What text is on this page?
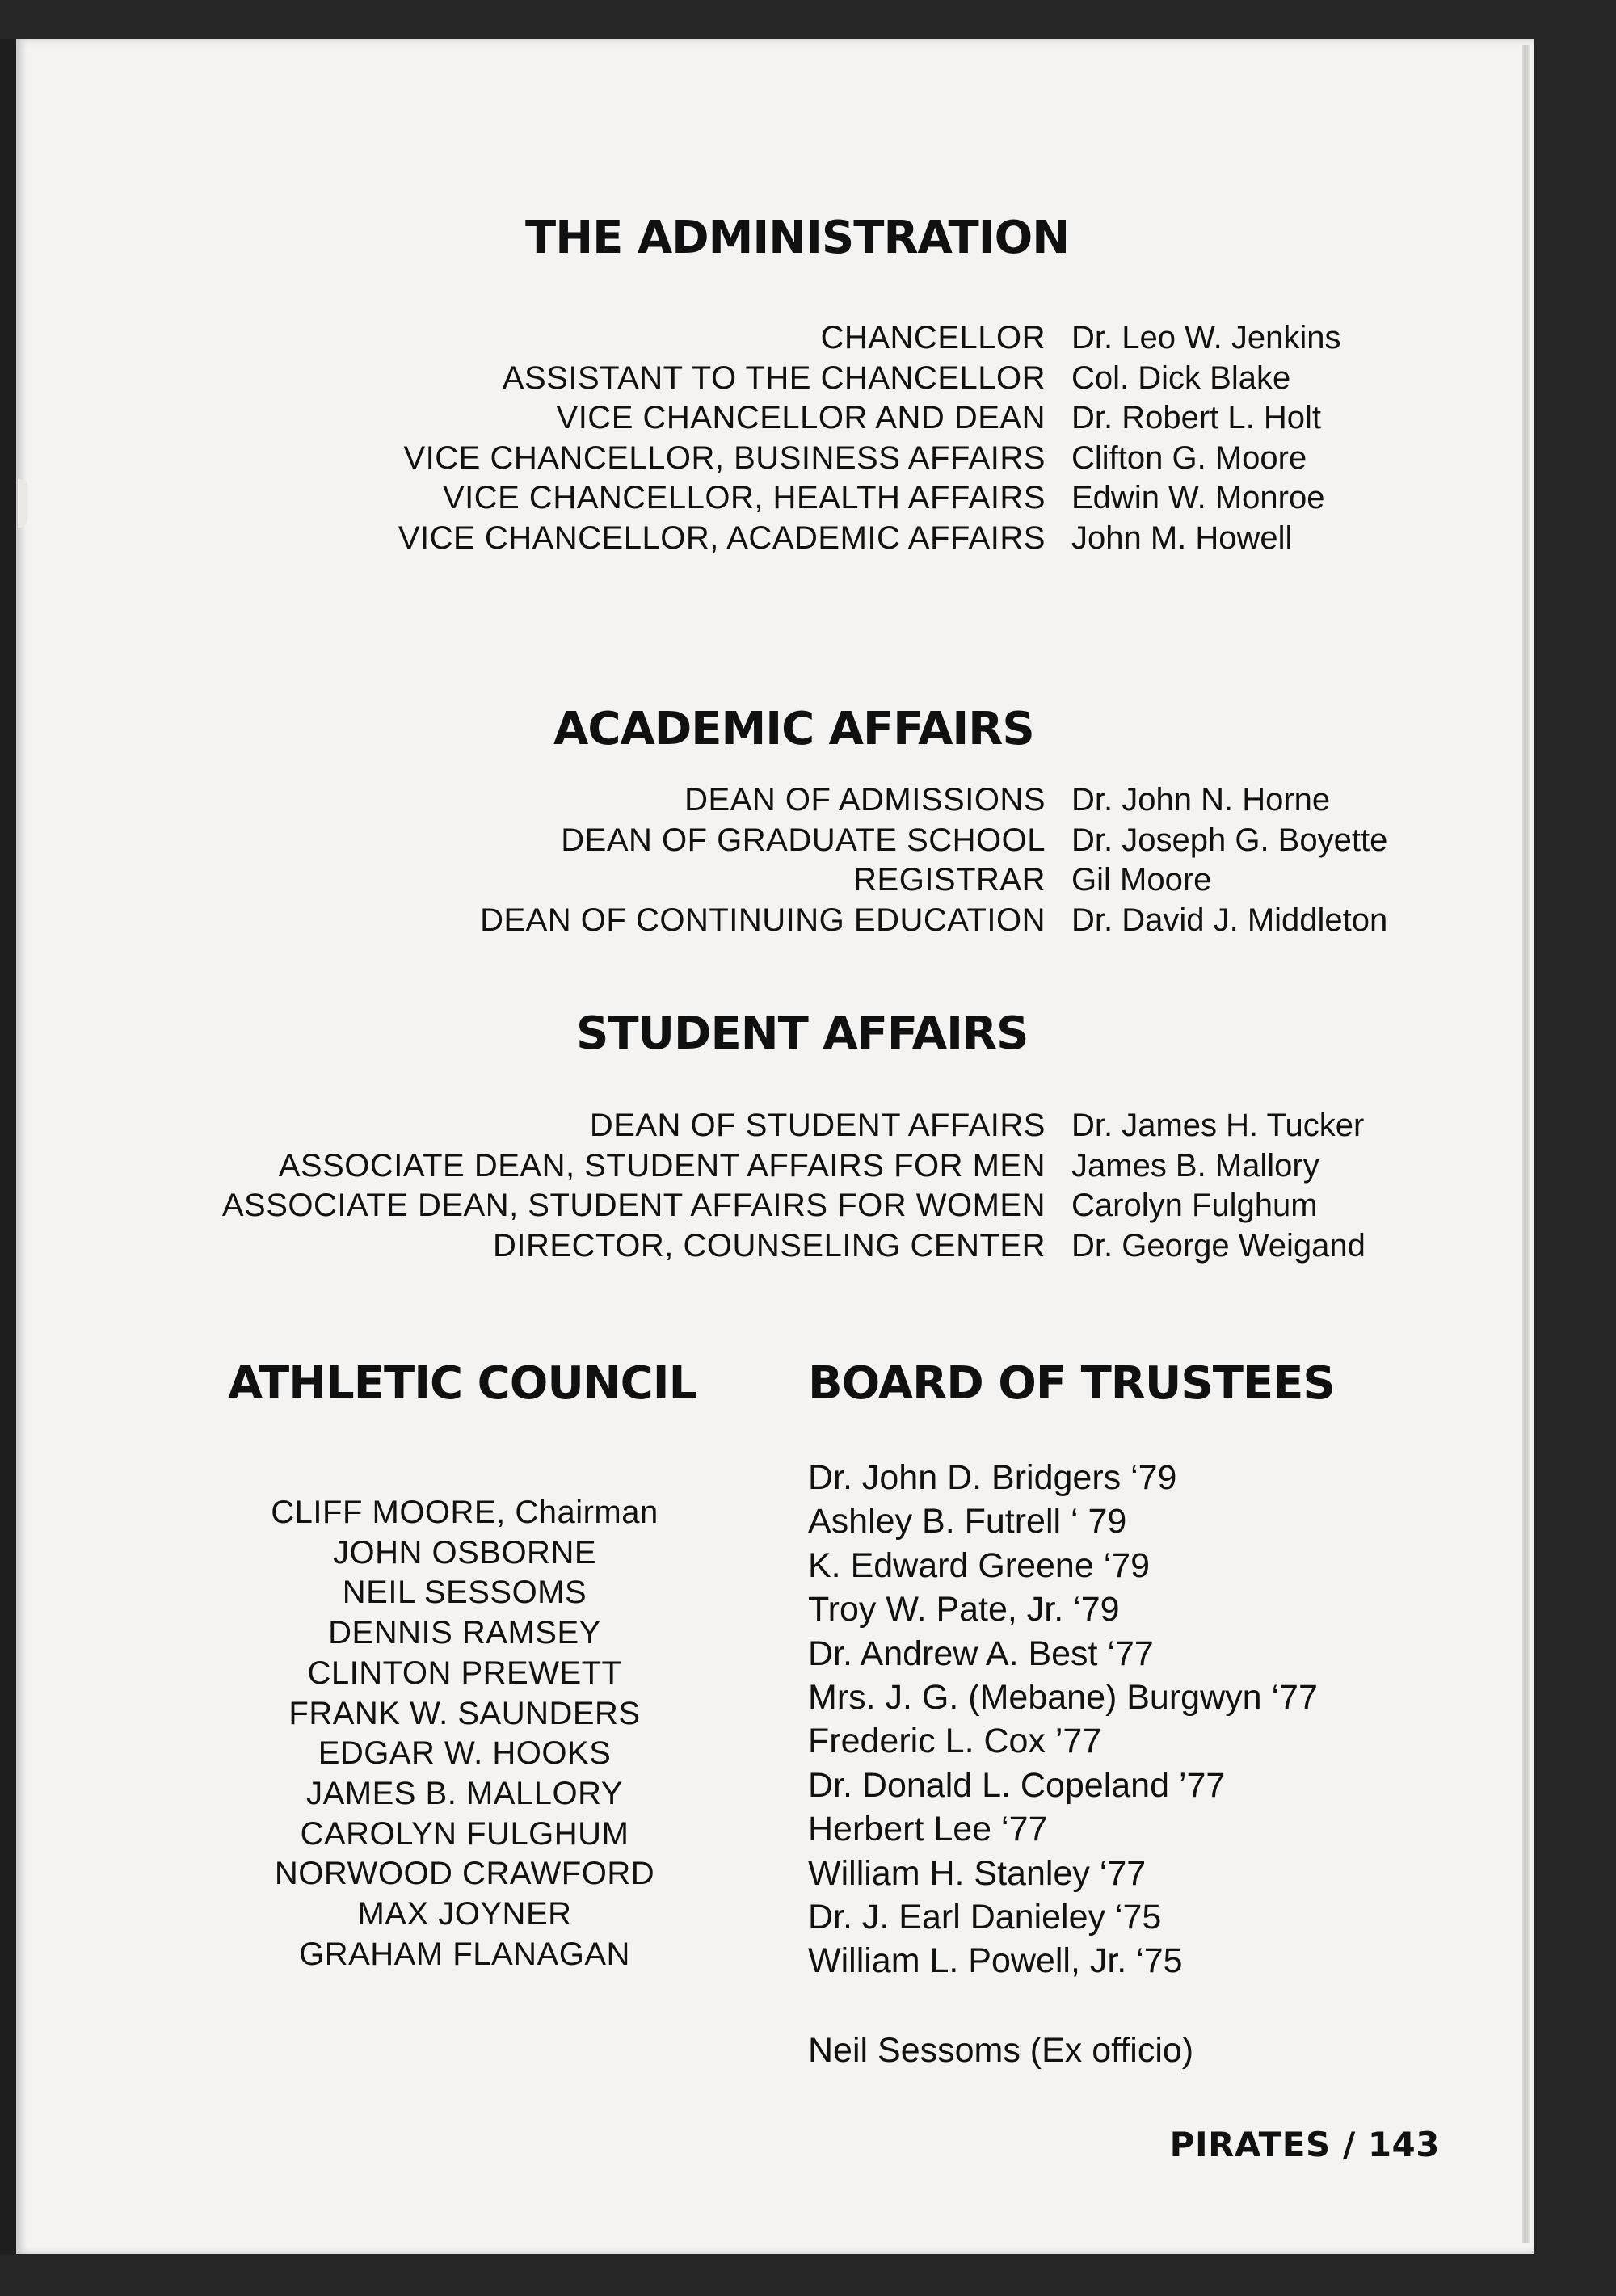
THE ADMINISTRATION
CHANCELLOR Dr. Leo W. Jenkins
ASSISTANT TO THE CHANCELLOR Col. Dick Blake
VICE CHANCELLOR AND DEAN Dr. Robert L. Holt
VICE CHANCELLOR, BUSINESS AFFAIRS Clifton G. Moore
VICE CHANCELLOR, HEALTH AFFAIRS Edwin W. Monroe
VICE CHANCELLOR, ACADEMIC AFFAIRS John M. Howell
ACADEMIC AFFAIRS
DEAN OF ADMISSIONS Dr. John N. Horne
DEAN OF GRADUATE SCHOOL Dr. Joseph G. Boyette
REGISTRAR Gil Moore
DEAN OF CONTINUING EDUCATION Dr. David J. Middleton
STUDENT AFFAIRS
DEAN OF STUDENT AFFAIRS Dr. James H. Tucker
ASSOCIATE DEAN, STUDENT AFFAIRS FOR MEN James B. Mallory
ASSOCIATE DEAN, STUDENT AFFAIRS FOR WOMEN Carolyn Fulghum
DIRECTOR, COUNSELING CENTER Dr. George Weigand
ATHLETIC COUNCIL
CLIFF MOORE, Chairman
JOHN OSBORNE
NEIL SESSOMS
DENNIS RAMSEY
CLINTON PREWETT
FRANK W. SAUNDERS
EDGAR W. HOOKS
JAMES B. MALLORY
CAROLYN FULGHUM
NORWOOD CRAWFORD
MAX JOYNER
GRAHAM FLANAGAN
BOARD OF TRUSTEES
Dr. John D. Bridgers ‘79
Ashley B. Futrell ‘ 79
K. Edward Greene ‘79
Troy W. Pate, Jr. ‘79
Dr. Andrew A. Best ‘77
Mrs. J. G. (Mebane) Burgwyn ‘77
Frederic L. Cox ’77
Dr. Donald L. Copeland ’77
Herbert Lee ‘77
William H. Stanley ‘77
Dr. J. Earl Danieley ‘75
William L. Powell, Jr. ‘75
Neil Sessoms (Ex officio)
PIRATES / 143
